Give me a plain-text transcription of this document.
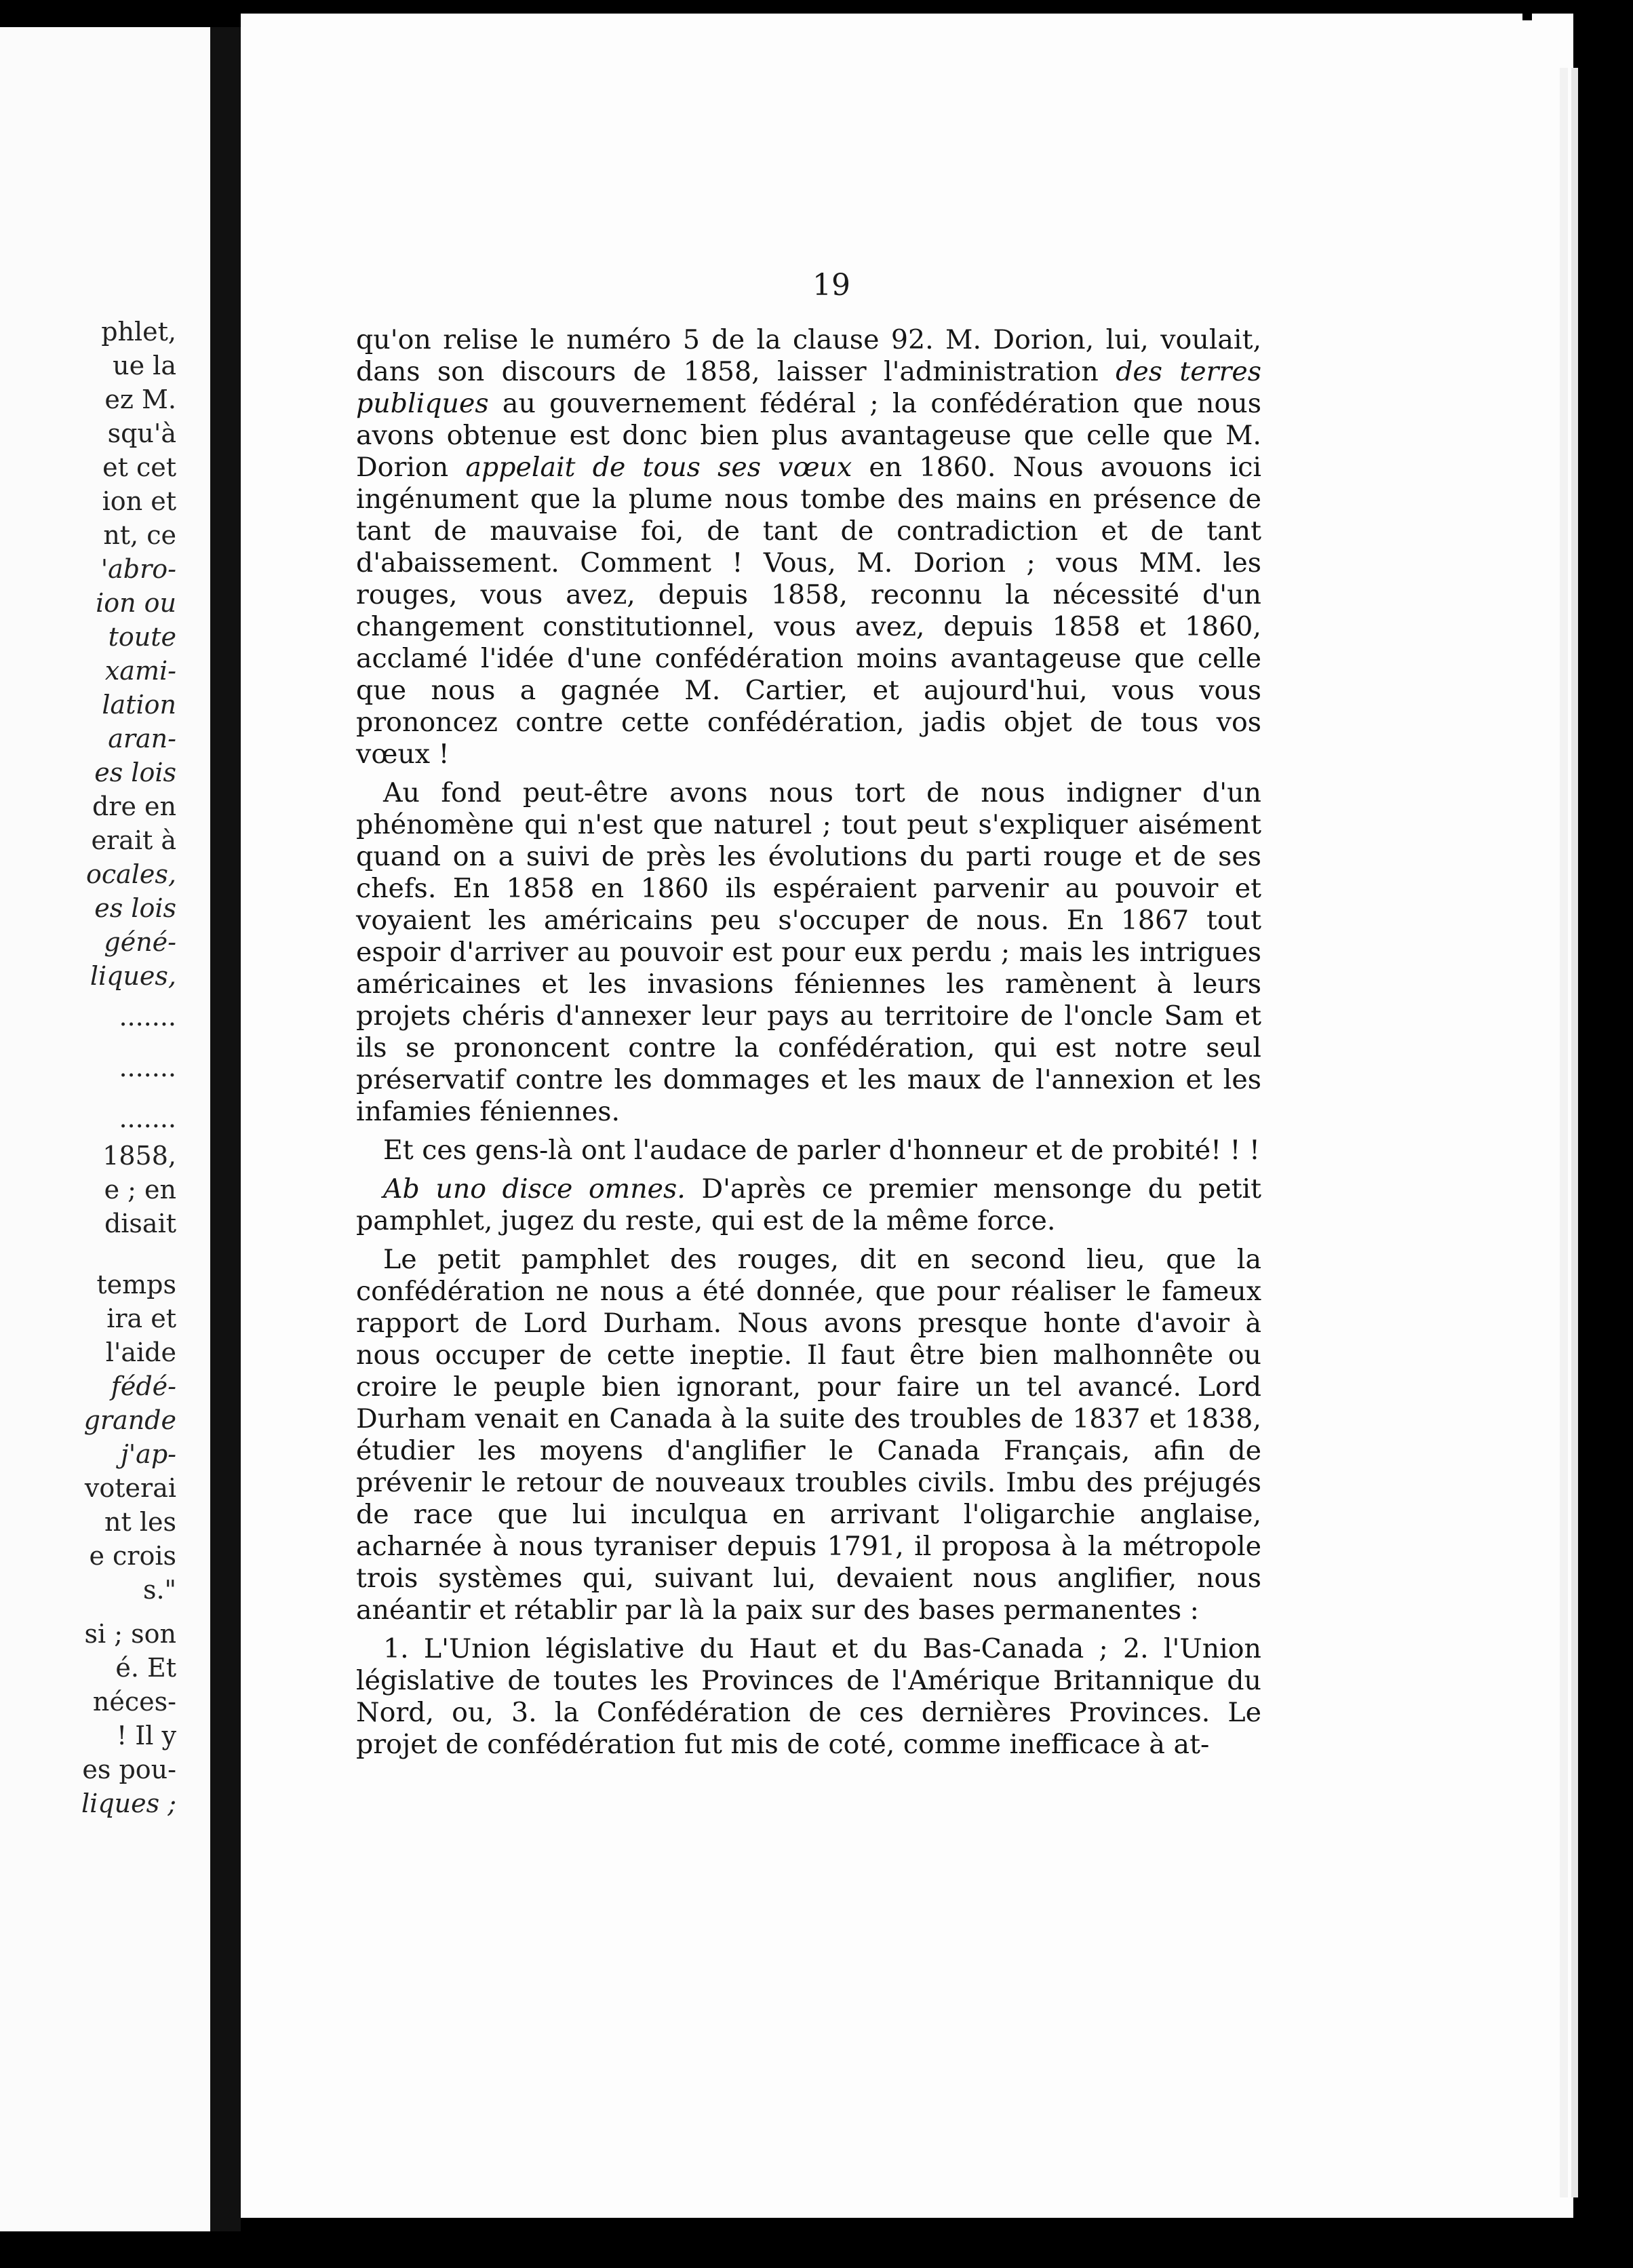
phlet,
ue la
ez M.
squ'à
et cet
ion et
nt, ce
'abro-
ion ou
toute
xami-
lation
aran-
es lois
dre en
erait à
ocales,
es lois
géné-
liques,
.......
.......
.......
1858,
e ; en
disait
temps
ira et
l'aide
fédé-
grande
j'ap-
voterai
nt les
e crois
s."
si ; son
é. Et
néces-
! Il y
es pou-
liques ;
19

qu'on relise le numéro 5 de la clause 92. M. Dorion, lui, voulait, dans son discours de 1858, laisser l'administration des terres publiques au gouvernement fédéral ; la confédération que nous avons obtenue est donc bien plus avantageuse que celle que M. Dorion appelait de tous ses vœux en 1860. Nous avouons ici ingénument que la plume nous tombe des mains en présence de tant de mauvaise foi, de tant de contradiction et de tant d'abaissement. Comment ! Vous, M. Dorion ; vous MM. les rouges, vous avez, depuis 1858, reconnu la nécessité d'un changement constitutionnel, vous avez, depuis 1858 et 1860, acclamé l'idée d'une confédération moins avantageuse que celle que nous a gagnée M. Cartier, et aujourd'hui, vous vous prononcez contre cette confédération, jadis objet de tous vos vœux !

Au fond peut-être avons nous tort de nous indigner d'un phénomène qui n'est que naturel ; tout peut s'expliquer aisément quand on a suivi de près les évolutions du parti rouge et de ses chefs. En 1858 en 1860 ils espéraient parvenir au pouvoir et voyaient les américains peu s'occuper de nous. En 1867 tout espoir d'arriver au pouvoir est pour eux perdu ; mais les intrigues américaines et les invasions féniennes les ramènent à leurs projets chéris d'annexer leur pays au territoire de l'oncle Sam et ils se prononcent contre la confédération, qui est notre seul préservatif contre les dommages et les maux de l'annexion et les infamies féniennes.

Et ces gens-là ont l'audace de parler d'honneur et de probité! ! !

Ab uno disce omnes. D'après ce premier mensonge du petit pamphlet, jugez du reste, qui est de la même force.

Le petit pamphlet des rouges, dit en second lieu, que la confédération ne nous a été donnée, que pour réaliser le fameux rapport de Lord Durham. Nous avons presque honte d'avoir à nous occuper de cette ineptie. Il faut être bien malhonnête ou croire le peuple bien ignorant, pour faire un tel avancé. Lord Durham venait en Canada à la suite des troubles de 1837 et 1838, étudier les moyens d'anglifier le Canada Français, afin de prévenir le retour de nouveaux troubles civils. Imbu des préjugés de race que lui inculqua en arrivant l'oligarchie anglaise, acharnée à nous tyraniser depuis 1791, il proposa à la métropole trois systèmes qui, suivant lui, devaient nous anglifier, nous anéantir et rétablir par là la paix sur des bases permanentes :

1. L'Union législative du Haut et du Bas-Canada ; 2. l'Union législative de toutes les Provinces de l'Amérique Britannique du Nord, ou, 3. la Confédération de ces dernières Provinces. Le projet de confédération fut mis de coté, comme inefficace à at-
